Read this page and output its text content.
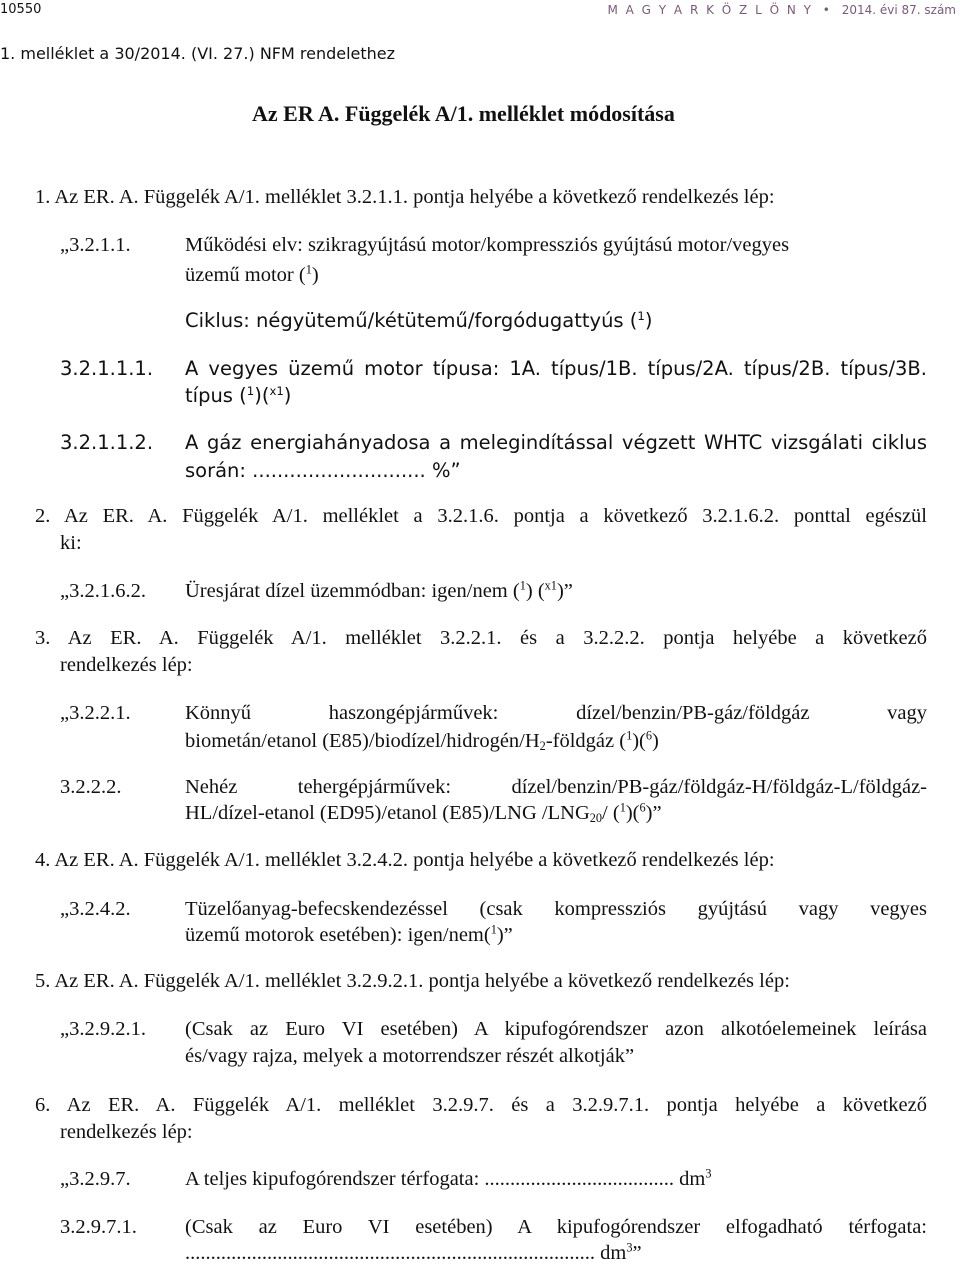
10550	M A G Y A R K Ö Z L Ö N Y • 2014. évi 87. szám
1. melléklet a 30/2014. (VI. 27.) NFM rendelethez
Az ER A. Függelék A/1. melléklet módosítása
1. Az ER. A. Függelék A/1. melléklet 3.2.1.1. pontja helyébe a következő rendelkezés lép:
„3.2.1.1.	Működési elv: szikragyújtású motor/kompressziós gyújtású motor/vegyes
üzemű motor ($^1$)
Ciklus: négyütemű/kétütemű/forgódugattyús ($^1$)
3.2.1.1.1. A vegyes üzemű motor típusa: 1A. típus/1B. típus/2A. típus/2B. típus/3B.
típus ($^1$)($^{x1}$)
3.2.1.1.2. A gáz energiahányadosa a melegindítással végzett WHTC vizsgálati ciklus
során: ............................ %”
2. Az ER. A. Függelék A/1. melléklet a 3.2.1.6. pontja a következő 3.2.1.6.2. ponttal egészül
ki:
„3.2.1.6.2. Üresjárat dízel üzemmódban: igen/nem ($^1$) ($^{x1}$)”
3. Az ER. A. Függelék A/1. melléklet 3.2.2.1. és a 3.2.2.2. pontja helyébe a következő
rendelkezés lép:
„3.2.2.1.	Könnyű haszongépjárművek: dízel/benzin/PB-gáz/földgáz vagy
biometán/etanol $(E85)/biodízel/hidrogén/H_2$-földgáz ($^1$)($^6$)
3.2.2.2.	Nehéz tehergépjárművek: dízel/benzin/PB-gáz/földgáz-H/földgáz-L/földgáz-
HL/dízel-etanol (ED95)/etanol (E85)/LNG $/LNG_{20}/$ ($^1$)($^6$)”
4. Az ER. A. Függelék A/1. melléklet 3.2.4.2. pontja helyébe a következő rendelkezés lép:
„3.2.4.2.	Tüzelőanyag-befecskendezéssel (csak kompressziós gyújtású vagy vegyes
üzemű motorok esetében): igen/nem($^1$)”
5. Az ER. A. Függelék A/1. melléklet 3.2.9.2.1. pontja helyébe a következő rendelkezés lép:
„3.2.9.2.1. (Csak az Euro VI esetében) A kipufogórendszer azon alkotóelemeinek leírása
és/vagy rajza, melyek a motorrendszer részét alkotják”
6. Az ER. A. Függelék A/1. melléklet 3.2.9.7. és a 3.2.9.7.1. pontja helyébe a következő
rendelkezés lép:
„3.2.9.7.	A teljes kipufogórendszer térfogata: ..................................... $dm^3$
3.2.9.7.1. (Csak az Euro VI esetében) A kipufogórendszer elfogadható térfogata:
................................................................................ $dm^3$”
